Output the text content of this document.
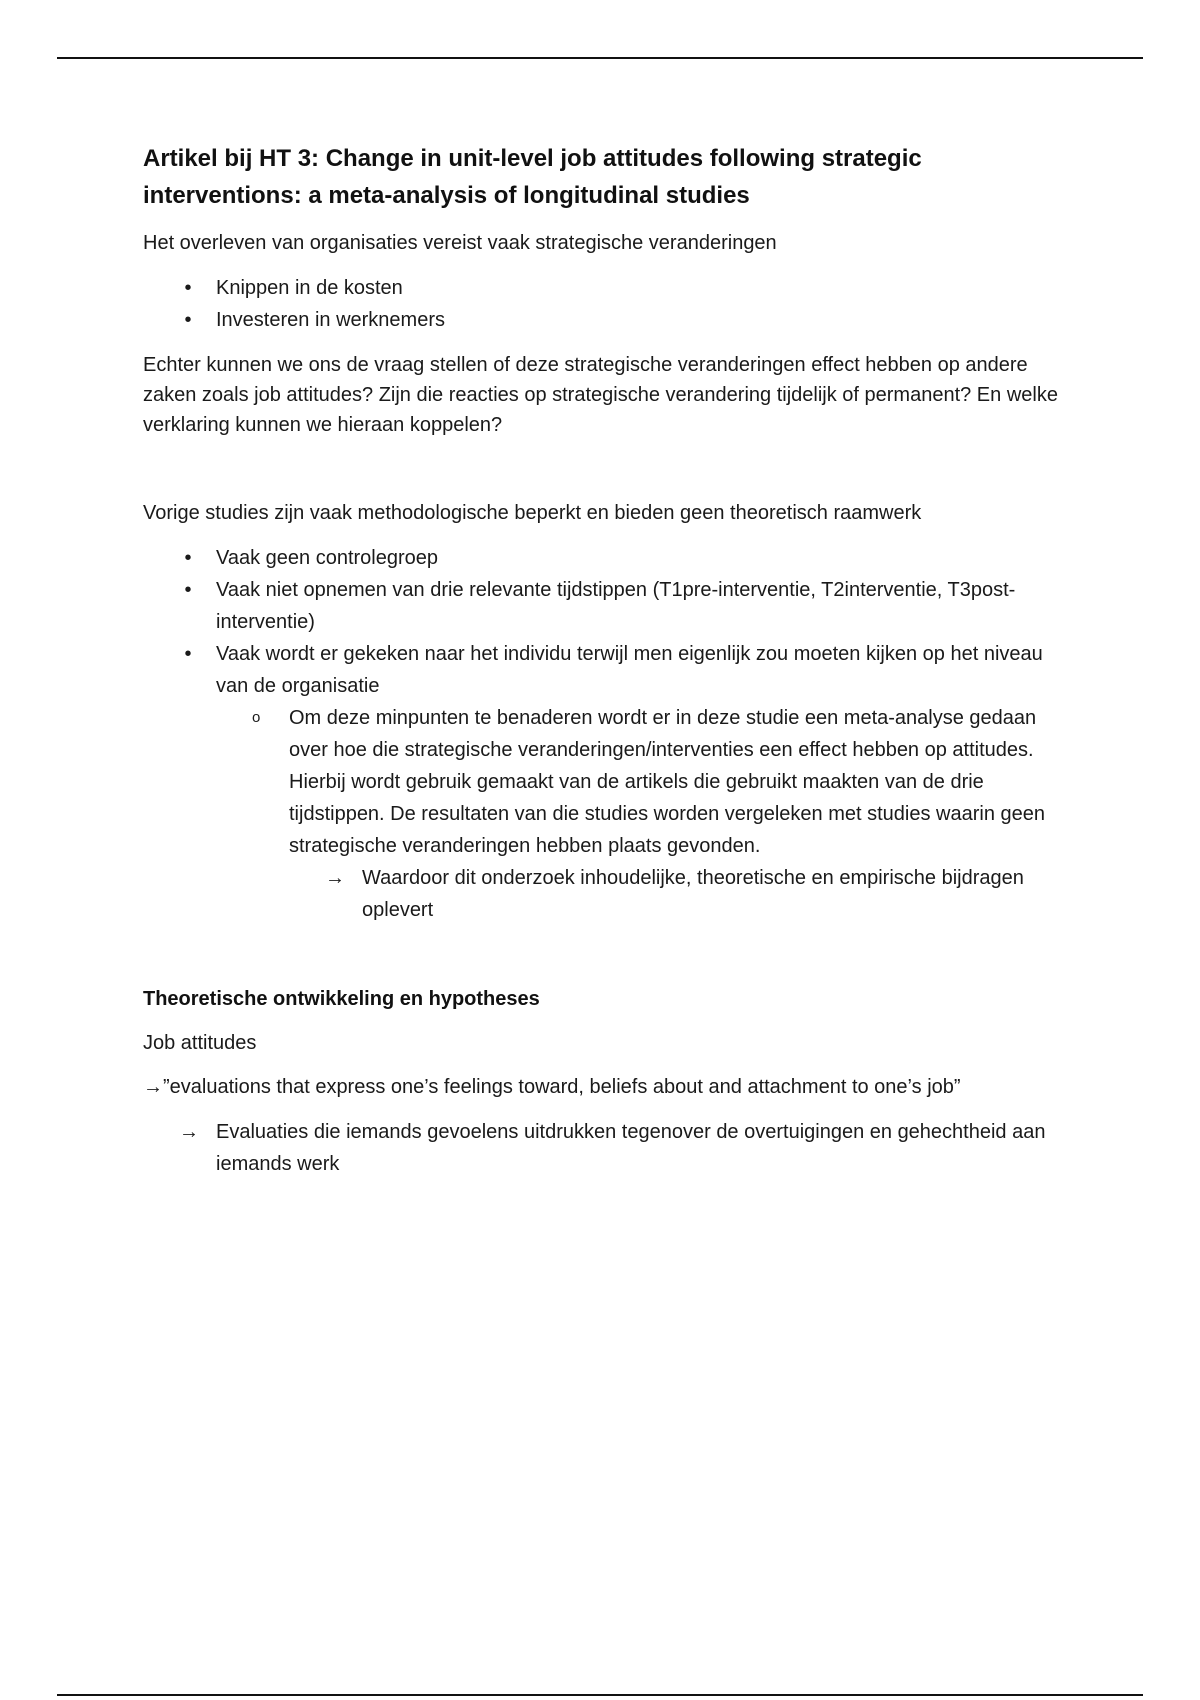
Artikel bij HT 3: Change in unit-level job attitudes following strategic interventions: a meta-analysis of longitudinal studies

Het overleven van organisaties vereist vaak strategische veranderingen

• Knippen in de kosten
• Investeren in werknemers

Echter kunnen we ons de vraag stellen of deze strategische veranderingen effect hebben op andere zaken zoals job attitudes? Zijn die reacties op strategische verandering tijdelijk of permanent? En welke verklaring kunnen we hieraan koppelen?

Vorige studies zijn vaak methodologische beperkt en bieden geen theoretisch raamwerk

• Vaak geen controlegroep
• Vaak niet opnemen van drie relevante tijdstippen (T1pre-interventie, T2interventie, T3post-interventie)
• Vaak wordt er gekeken naar het individu terwijl men eigenlijk zou moeten kijken op het niveau van de organisatie
o Om deze minpunten te benaderen wordt er in deze studie een meta-analyse gedaan over hoe die strategische veranderingen/interventies een effect hebben op attitudes. Hierbij wordt gebruik gemaakt van de artikels die gebruikt maakten van de drie tijdstippen. De resultaten van die studies worden vergeleken met studies waarin geen strategische veranderingen hebben plaats gevonden.
→ Waardoor dit onderzoek inhoudelijke, theoretische en empirische bijdragen oplevert
Theoretische ontwikkeling en hypotheses

Job attitudes

→”evaluations that express one’s feelings toward, beliefs about and attachment to one’s job”

→ Evaluaties die iemands gevoelens uitdrukken tegenover de overtuigingen en gehechtheid aan iemands werk
